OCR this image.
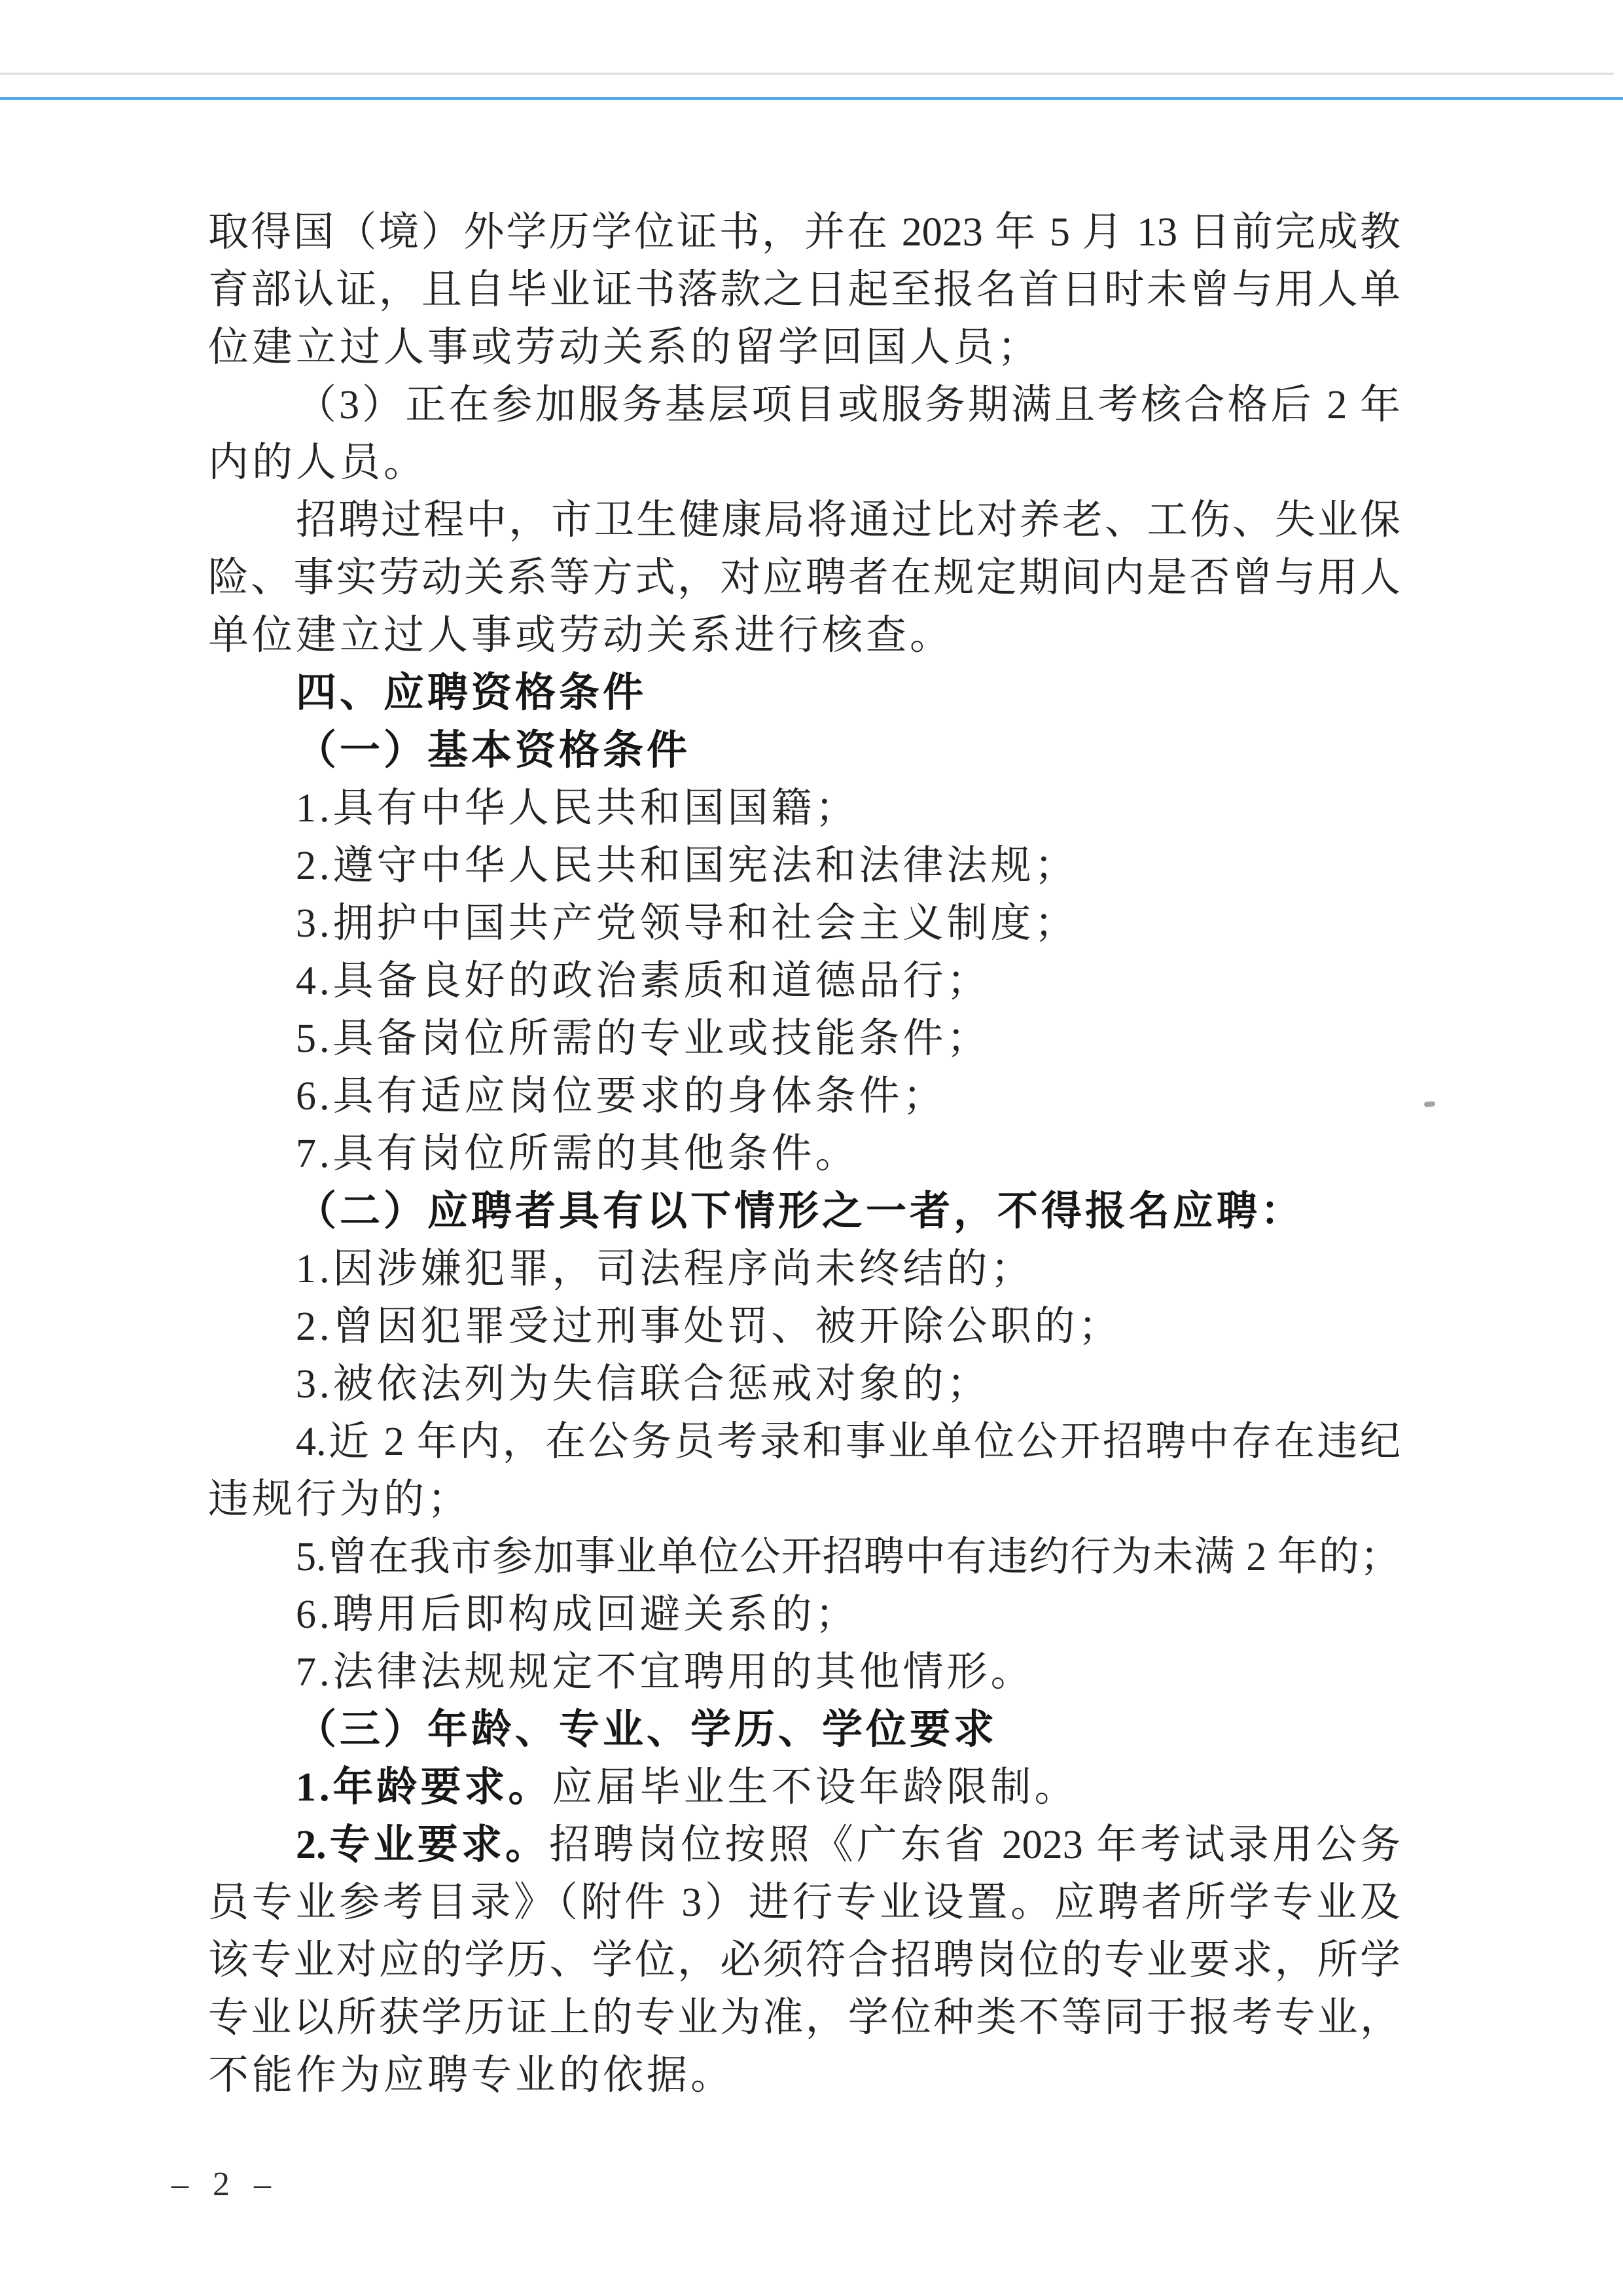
取得国（境）外学历学位证书，并在 2023 年 5 月 13 日前完成教
育部认证，且自毕业证书落款之日起至报名首日时未曾与用人单
位建立过人事或劳动关系的留学回国人员；
（3）正在参加服务基层项目或服务期满且考核合格后 2 年
内的人员。
招聘过程中，市卫生健康局将通过比对养老、工伤、失业保
险、事实劳动关系等方式，对应聘者在规定期间内是否曾与用人
单位建立过人事或劳动关系进行核查。
四、应聘资格条件
（一）基本资格条件
1.具有中华人民共和国国籍；
2.遵守中华人民共和国宪法和法律法规；
3.拥护中国共产党领导和社会主义制度；
4.具备良好的政治素质和道德品行；
5.具备岗位所需的专业或技能条件；
6.具有适应岗位要求的身体条件；
7.具有岗位所需的其他条件。
（二）应聘者具有以下情形之一者，不得报名应聘：
1.因涉嫌犯罪，司法程序尚未终结的；
2.曾因犯罪受过刑事处罚、被开除公职的；
3.被依法列为失信联合惩戒对象的；
4.近 2 年内，在公务员考录和事业单位公开招聘中存在违纪
违规行为的；
5.曾在我市参加事业单位公开招聘中有违约行为未满 2 年的；
6.聘用后即构成回避关系的；
7.法律法规规定不宜聘用的其他情形。
（三）年龄、专业、学历、学位要求
1.年龄要求。应届毕业生不设年龄限制。
2.专业要求。招聘岗位按照《广东省 2023 年考试录用公务
员专业参考目录》（附件 3）进行专业设置。应聘者所学专业及
该专业对应的学历、学位，必须符合招聘岗位的专业要求，所学
专业以所获学历证上的专业为准，学位种类不等同于报考专业，
不能作为应聘专业的依据。
– 2 –
